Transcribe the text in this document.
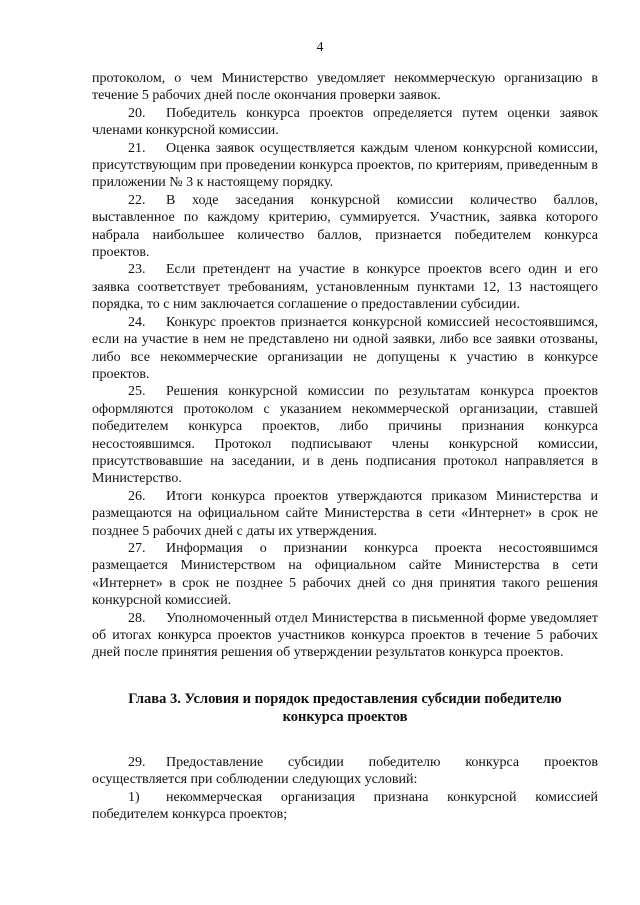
4

протоколом, о чем Министерство уведомляет некоммерческую организацию в течение 5 рабочих дней после окончания проверки заявок.

20. Победитель конкурса проектов определяется путем оценки заявок членами конкурсной комиссии.

21. Оценка заявок осуществляется каждым членом конкурсной комиссии, присутствующим при проведении конкурса проектов, по критериям, приведенным в приложении № 3 к настоящему порядку.

22. В ходе заседания конкурсной комиссии количество баллов, выставленное по каждому критерию, суммируется. Участник, заявка которого набрала наибольшее количество баллов, признается победителем конкурса проектов.

23. Если претендент на участие в конкурсе проектов всего один и его заявка соответствует требованиям, установленным пунктами 12, 13 настоящего порядка, то с ним заключается соглашение о предоставлении субсидии.

24. Конкурс проектов признается конкурсной комиссией несостоявшимся, если на участие в нем не представлено ни одной заявки, либо все заявки отозваны, либо все некоммерческие организации не допущены к участию в конкурсе проектов.

25. Решения конкурсной комиссии по результатам конкурса проектов оформляются протоколом с указанием некоммерческой организации, ставшей победителем конкурса проектов, либо причины признания конкурса несостоявшимся. Протокол подписывают члены конкурсной комиссии, присутствовавшие на заседании, и в день подписания протокол направляется в Министерство.

26. Итоги конкурса проектов утверждаются приказом Министерства и размещаются на официальном сайте Министерства в сети «Интернет» в срок не позднее 5 рабочих дней с даты их утверждения.

27. Информация о признании конкурса проекта несостоявшимся размещается Министерством на официальном сайте Министерства в сети «Интернет» в срок не позднее 5 рабочих дней со дня принятия такого решения конкурсной комиссией.

28. Уполномоченный отдел Министерства в письменной форме уведомляет об итогах конкурса проектов участников конкурса проектов в течение 5 рабочих дней после принятия решения об утверждении результатов конкурса проектов.

Глава 3. Условия и порядок предоставления субсидии победителю
конкурса проектов

29. Предоставление субсидии победителю конкурса проектов осуществляется при соблюдении следующих условий:

1) некоммерческая организация признана конкурсной комиссией победителем конкурса проектов;
